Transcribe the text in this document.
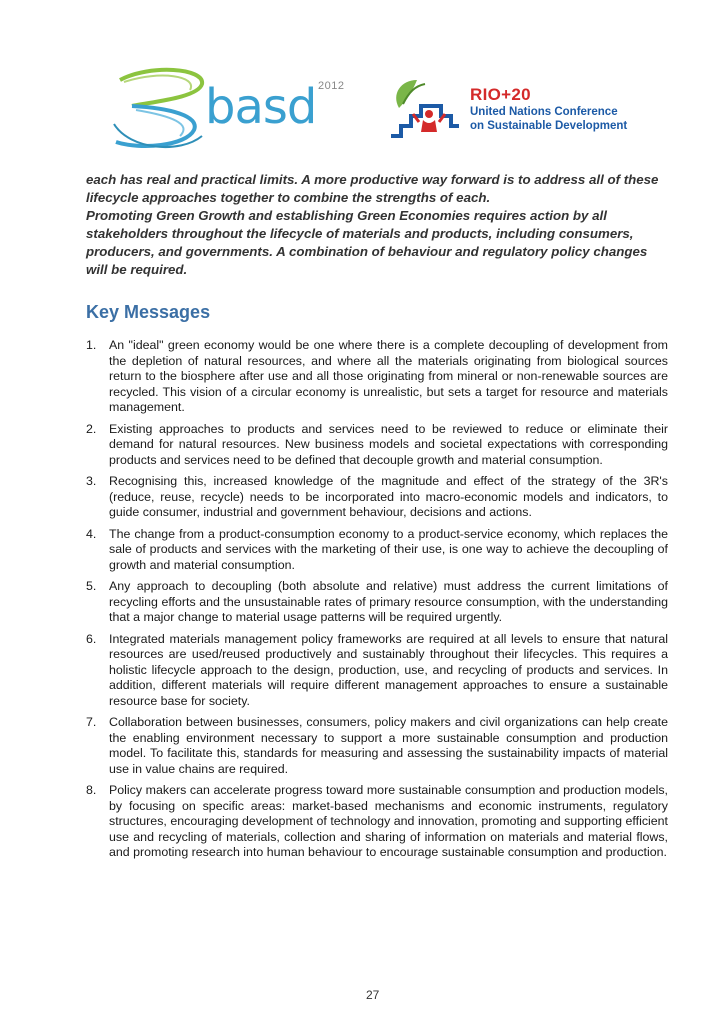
2012
basd	RIO+20
United Nations Conference
on Sustainable Development

each has real and practical limits. A more productive way forward is to address all of these lifecycle approaches together to combine the strengths of each.

Promoting Green Growth and establishing Green Economies requires action by all stakeholders throughout the lifecycle of materials and products, including consumers, producers, and governments. A combination of behaviour and regulatory policy changes will be required.

Key Messages
1. An "ideal" green economy would be one where there is a complete decoupling of development from the depletion of natural resources, and where all the materials originating from biological sources return to the biosphere after use and all those originating from mineral or non-renewable sources are recycled. This vision of a circular economy is unrealistic, but sets a target for resource and materials management.
2. Existing approaches to products and services need to be reviewed to reduce or eliminate their demand for natural resources. New business models and societal expectations with corresponding products and services need to be defined that decouple growth and material consumption.
3. Recognising this, increased knowledge of the magnitude and effect of the strategy of the 3R's (reduce, reuse, recycle) needs to be incorporated into macro-economic models and indicators, to guide consumer, industrial and government behaviour, decisions and actions.
4. The change from a product-consumption economy to a product-service economy, which replaces the sale of products and services with the marketing of their use, is one way to achieve the decoupling of growth and material consumption.
5. Any approach to decoupling (both absolute and relative) must address the current limitations of recycling efforts and the unsustainable rates of primary resource consumption, with the understanding that a major change to material usage patterns will be required urgently.
6. Integrated materials management policy frameworks are required at all levels to ensure that natural resources are used/reused productively and sustainably throughout their lifecycles. This requires a holistic lifecycle approach to the design, production, use, and recycling of products and services. In addition, different materials will require different management approaches to ensure a sustainable resource base for society.
7. Collaboration between businesses, consumers, policy makers and civil organizations can help create the enabling environment necessary to support a more sustainable consumption and production model. To facilitate this, standards for measuring and assessing the sustainability impacts of material use in value chains are required.
8. Policy makers can accelerate progress toward more sustainable consumption and production models, by focusing on specific areas: market-based mechanisms and economic instruments, regulatory structures, encouraging development of technology and innovation, promoting and supporting efficient use and recycling of materials, collection and sharing of information on materials and material flows, and promoting research into human behaviour to encourage sustainable consumption and production.
27
